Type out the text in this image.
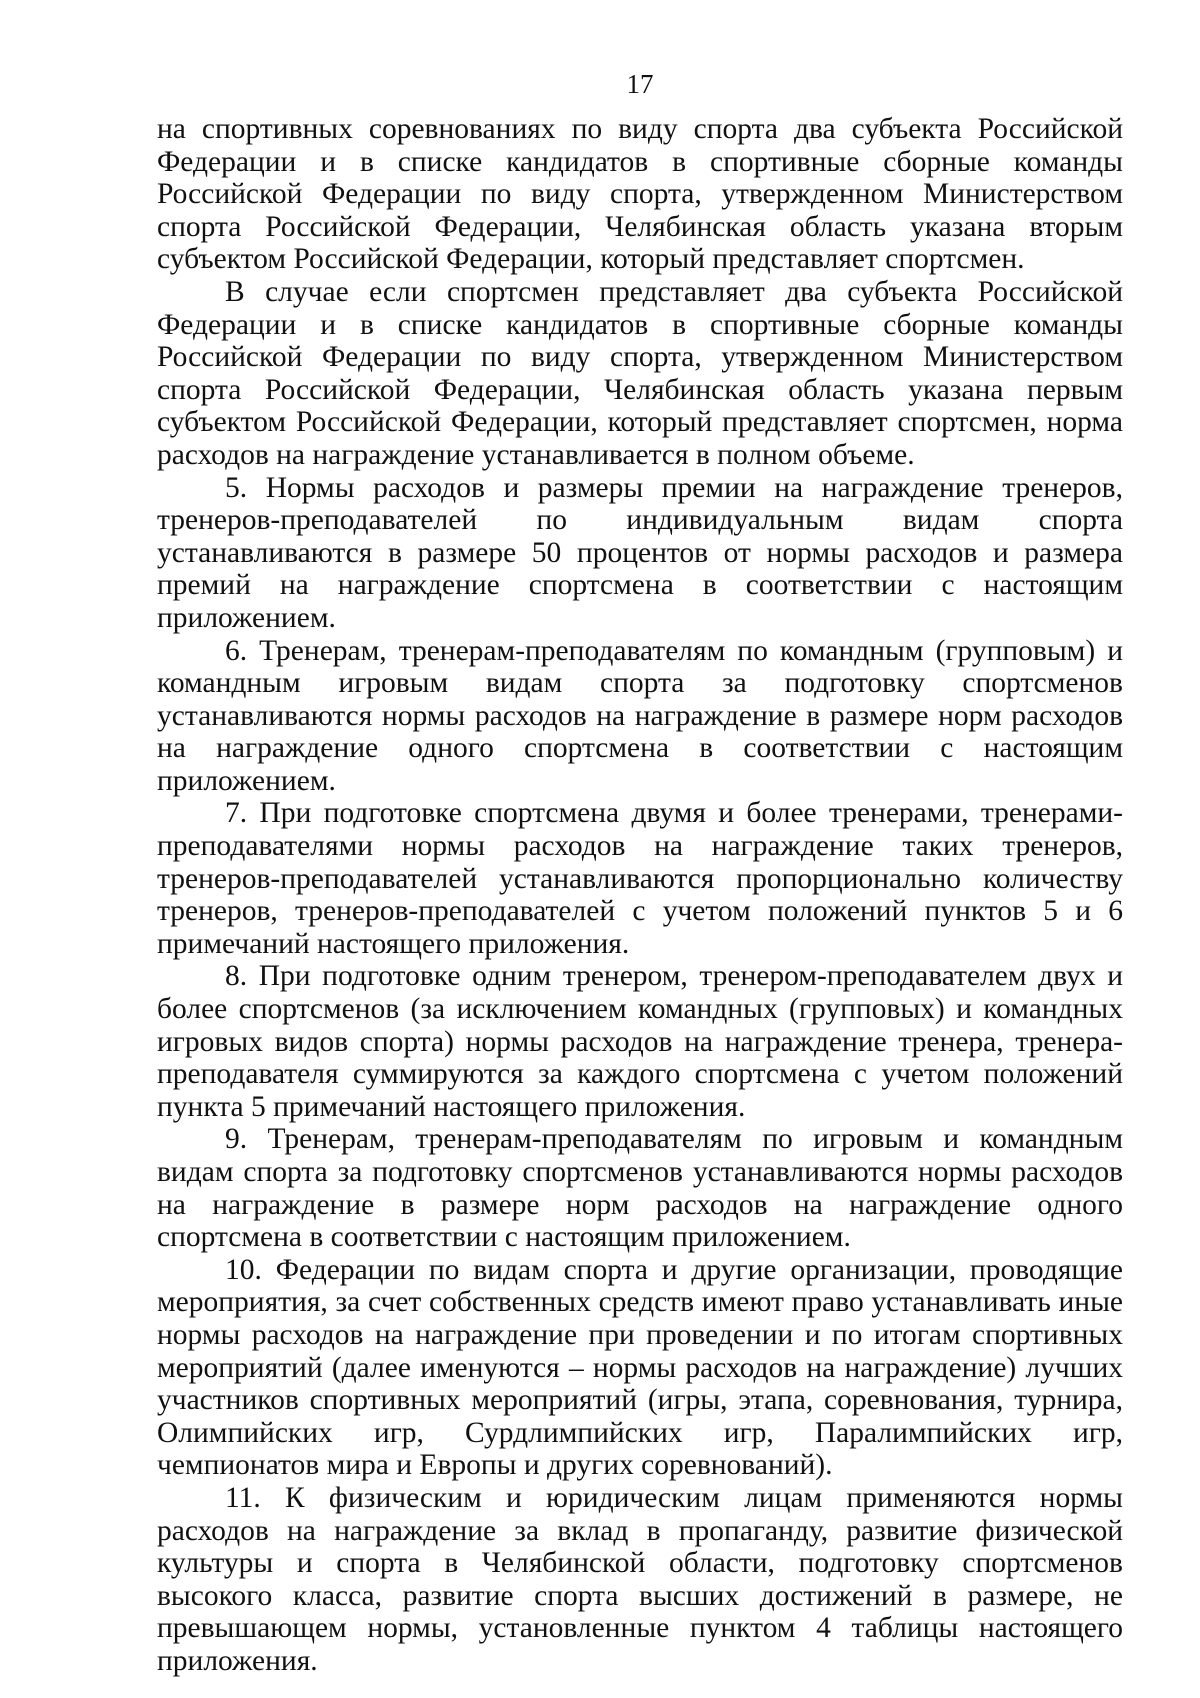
17

на спортивных соревнованиях по виду спорта два субъекта Российской Федерации и в списке кандидатов в спортивные сборные команды Российской Федерации по виду спорта, утвержденном Министерством спорта Российской Федерации, Челябинская область указана вторым субъектом Российской Федерации, который представляет спортсмен.

В случае если спортсмен представляет два субъекта Российской Федерации и в списке кандидатов в спортивные сборные команды Российской Федерации по виду спорта, утвержденном Министерством спорта Российской Федерации, Челябинская область указана первым субъектом Российской Федерации, который представляет спортсмен, норма расходов на награждение устанавливается в полном объеме.

5. Нормы расходов и размеры премии на награждение тренеров, тренеров-преподавателей по индивидуальным видам спорта устанавливаются в размере 50 процентов от нормы расходов и размера премий на награждение спортсмена в соответствии с настоящим приложением.

6. Тренерам, тренерам-преподавателям по командным (групповым) и командным игровым видам спорта за подготовку спортсменов устанавливаются нормы расходов на награждение в размере норм расходов на награждение одного спортсмена в соответствии с настоящим приложением.

7. При подготовке спортсмена двумя и более тренерами, тренерами-преподавателями нормы расходов на награждение таких тренеров, тренеров-преподавателей устанавливаются пропорционально количеству тренеров, тренеров-преподавателей с учетом положений пунктов 5 и 6 примечаний настоящего приложения.

8. При подготовке одним тренером, тренером-преподавателем двух и более спортсменов (за исключением командных (групповых) и командных игровых видов спорта) нормы расходов на награждение тренера, тренера-преподавателя суммируются за каждого спортсмена с учетом положений пункта 5 примечаний настоящего приложения.

9. Тренерам, тренерам-преподавателям по игровым и командным видам спорта за подготовку спортсменов устанавливаются нормы расходов на награждение в размере норм расходов на награждение одного спортсмена в соответствии с настоящим приложением.

10. Федерации по видам спорта и другие организации, проводящие мероприятия, за счет собственных средств имеют право устанавливать иные нормы расходов на награждение при проведении и по итогам спортивных мероприятий (далее именуются – нормы расходов на награждение) лучших участников спортивных мероприятий (игры, этапа, соревнования, турнира, Олимпийских игр, Сурдлимпийских игр, Паралимпийских игр, чемпионатов мира и Европы и других соревнований).

11. К физическим и юридическим лицам применяются нормы расходов на награждение за вклад в пропаганду, развитие физической культуры и спорта в Челябинской области, подготовку спортсменов высокого класса, развитие спорта высших достижений в размере, не превышающем нормы, установленные пунктом 4 таблицы настоящего приложения.
